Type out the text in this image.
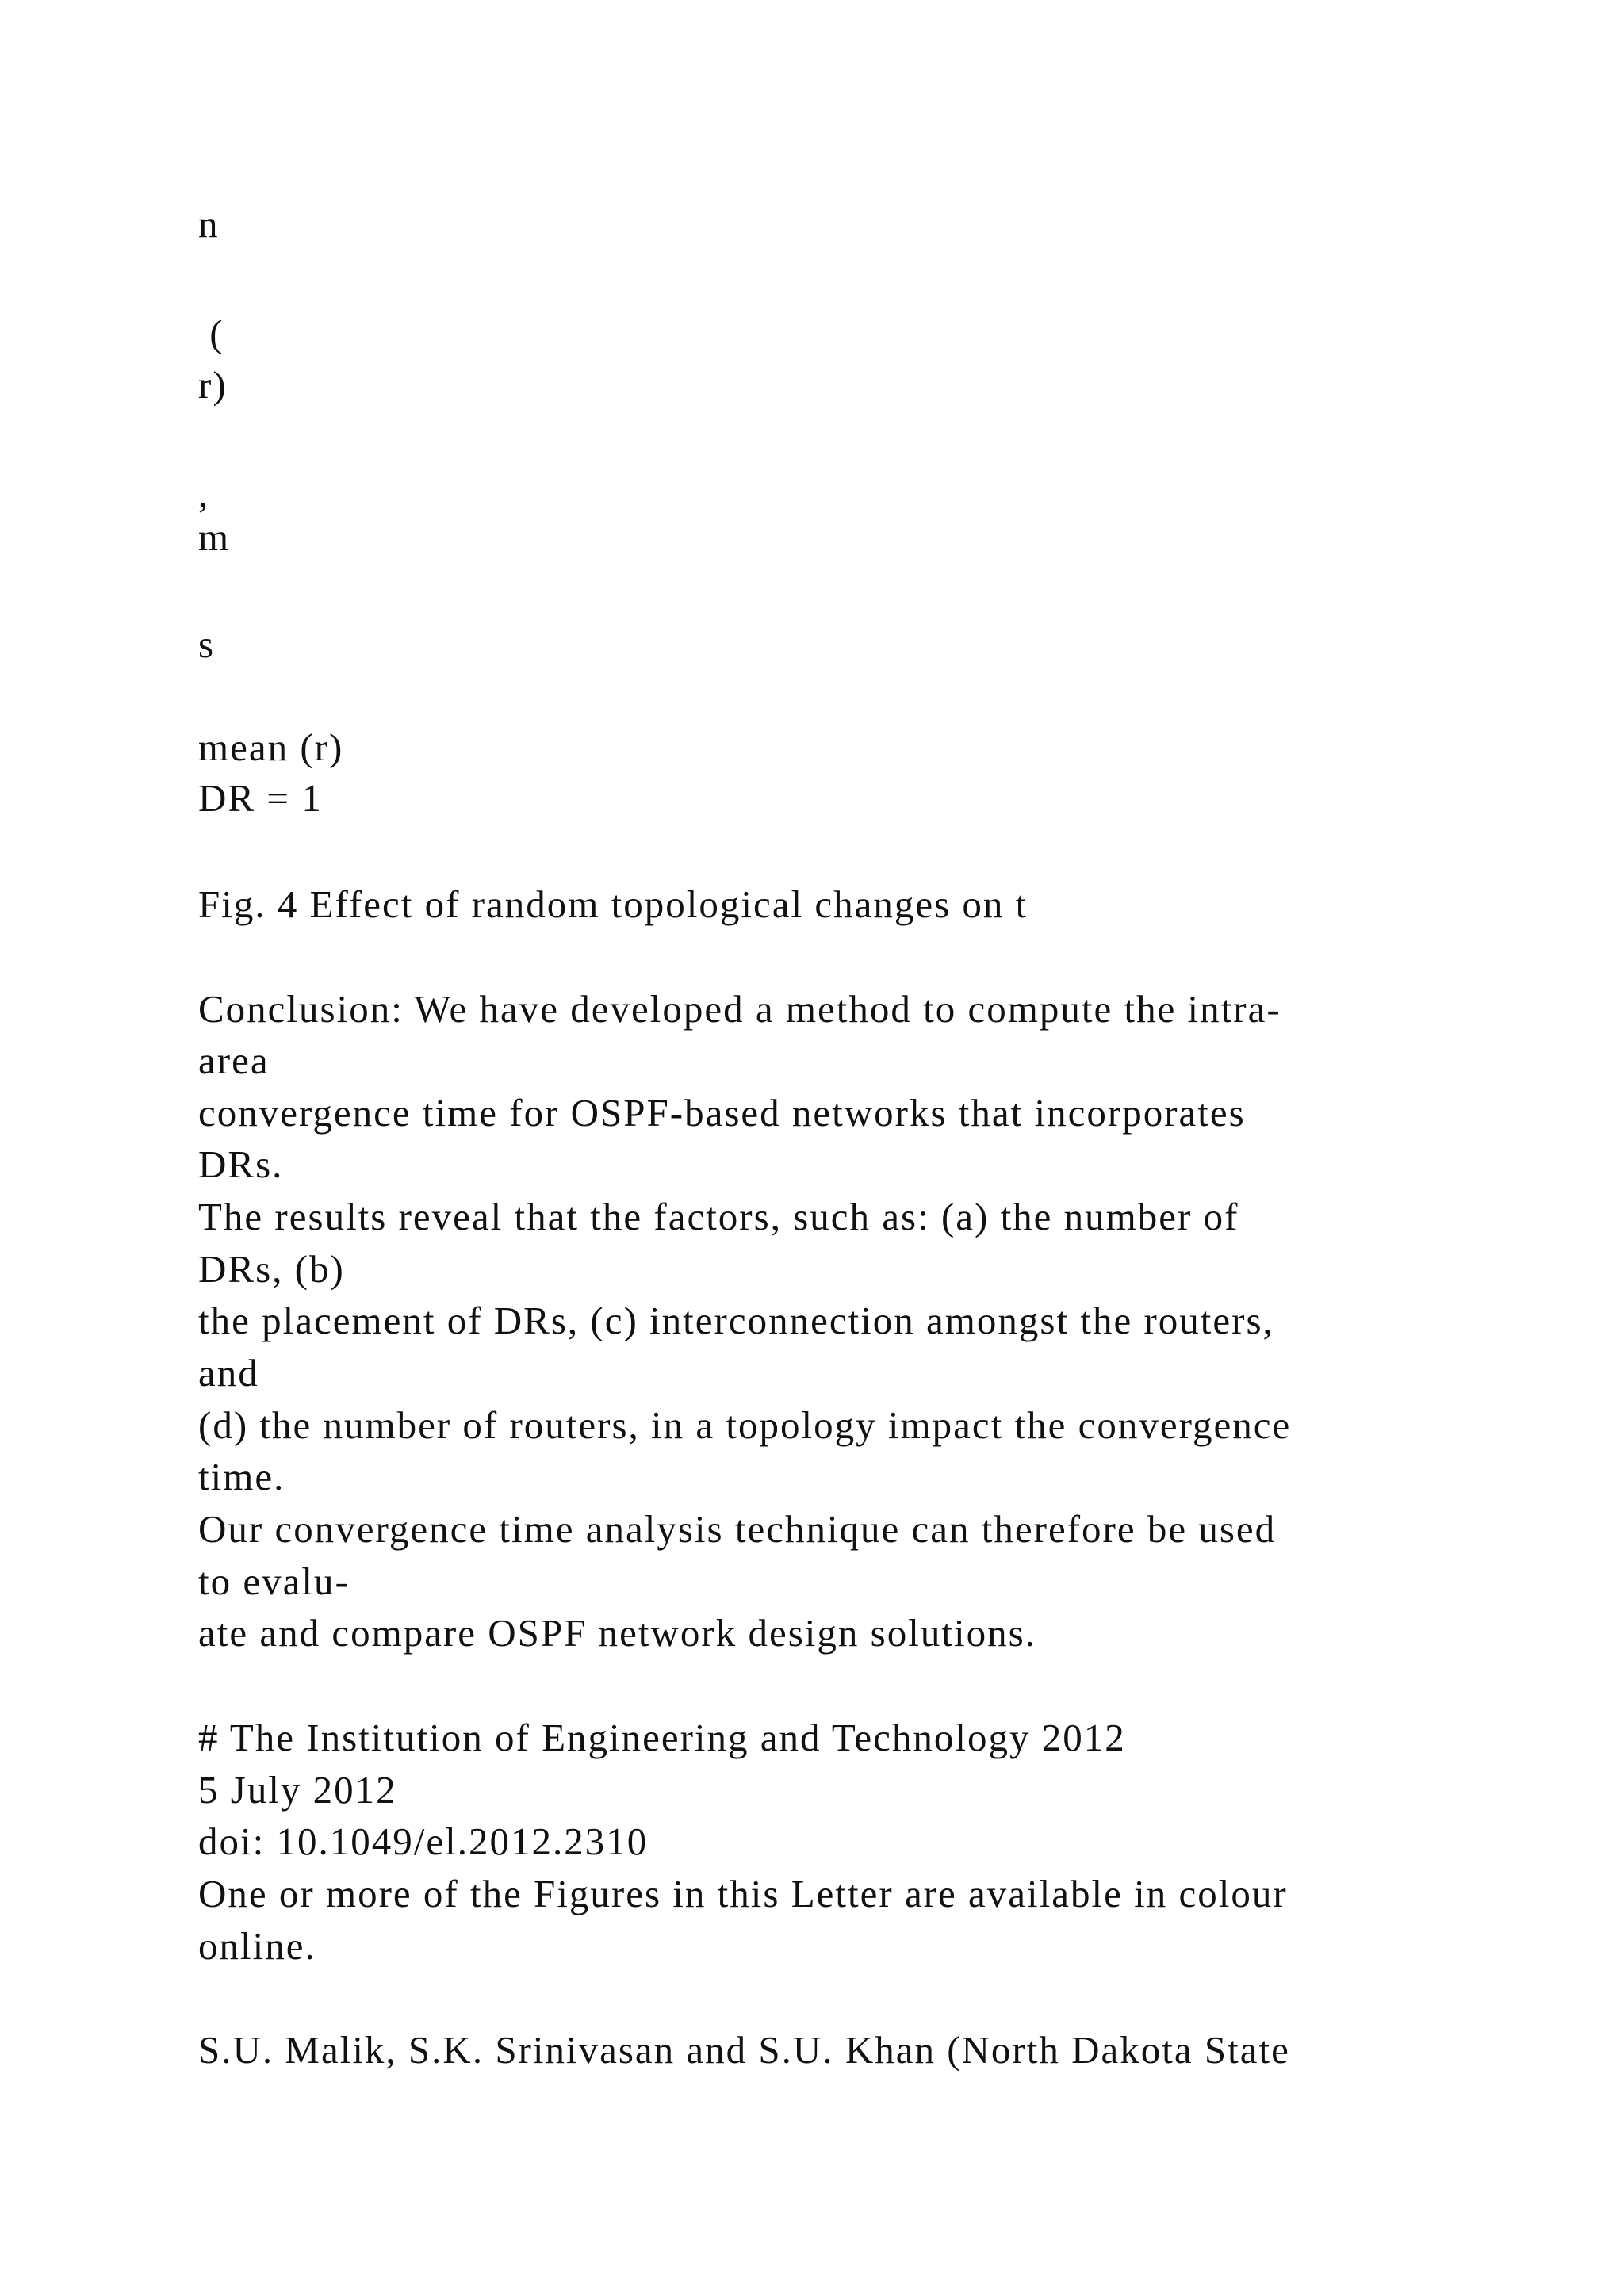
n
(
r)
,
m
s
mean (r)
DR = 1
Fig. 4 Effect of random topological changes on t
Conclusion: We have developed a method to compute the intra-
area
convergence time for OSPF-based networks that incorporates
DRs.
The results reveal that the factors, such as: (a) the number of
DRs, (b)
the placement of DRs, (c) interconnection amongst the routers,
and
(d) the number of routers, in a topology impact the convergence
time.
Our convergence time analysis technique can therefore be used
to evalu-
ate and compare OSPF network design solutions.
# The Institution of Engineering and Technology 2012
5 July 2012
doi: 10.1049/el.2012.2310
One or more of the Figures in this Letter are available in colour
online.
S.U. Malik, S.K. Srinivasan and S.U. Khan (North Dakota State
